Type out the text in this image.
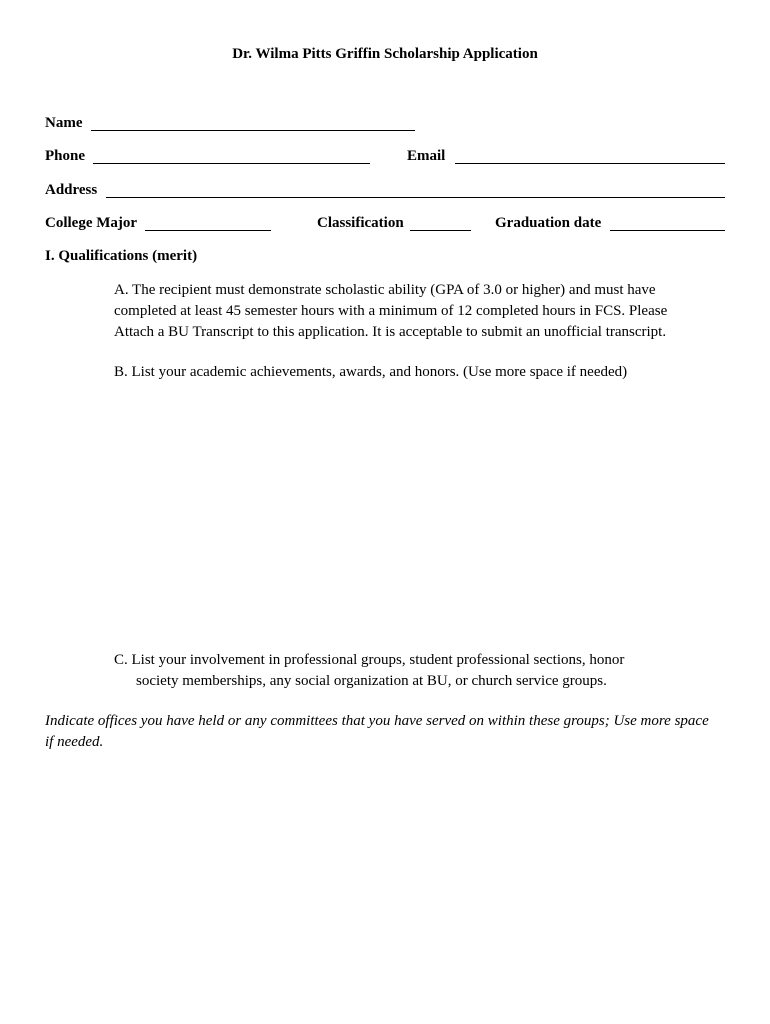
Dr. Wilma Pitts Griffin Scholarship Application
Name
Phone	Email
Address
College Major	Classification	Graduation date
I. Qualifications (merit)
A. The recipient must demonstrate scholastic ability (GPA of 3.0 or higher) and must have
completed at least 45 semester hours with a minimum of 12 completed hours in FCS. Please
Attach a BU Transcript to this application. It is acceptable to submit an unofficial transcript.
B. List your academic achievements, awards, and honors. (Use more space if needed)
C. List your involvement in professional groups, student professional sections, honor
society memberships, any social organization at BU, or church service groups.
Indicate offices you have held or any committees that you have served on within these groups; Use more space
if needed.
